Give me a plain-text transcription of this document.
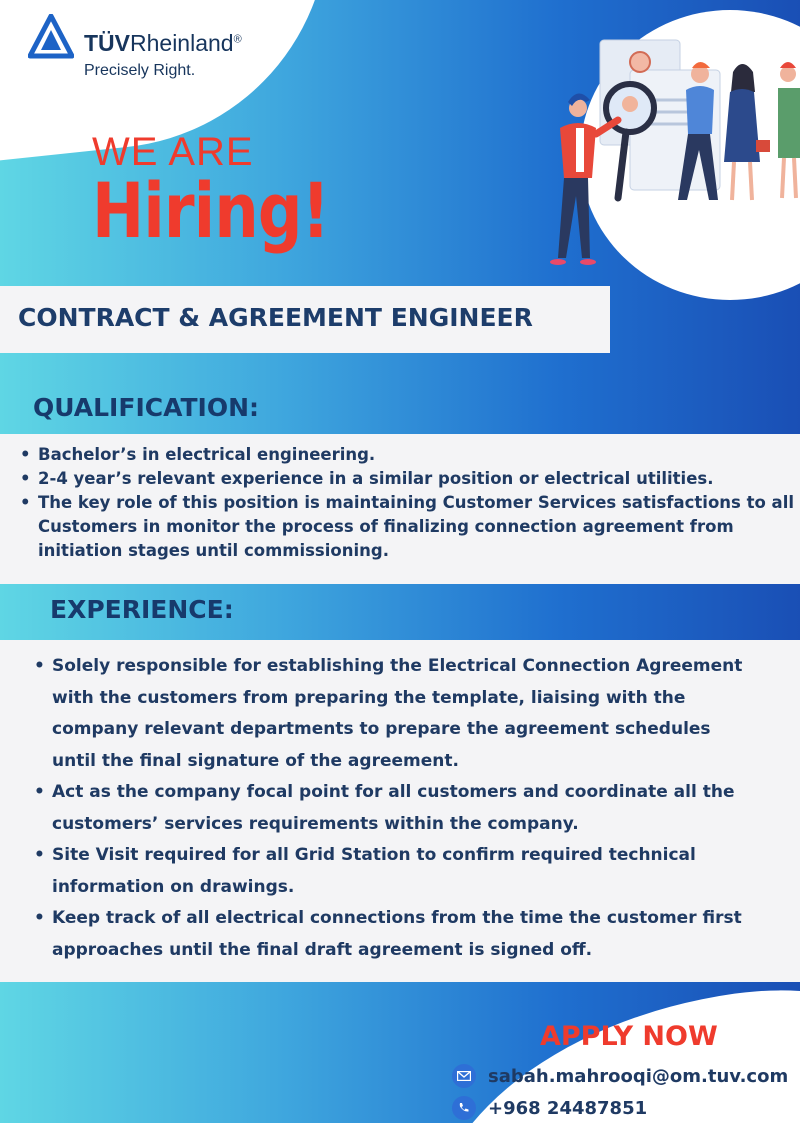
TÜVRheinland®
Precisely Right.
WE ARE
Hiring!
CONTRACT & AGREEMENT ENGINEER
QUALIFICATION:
• Bachelor’s in electrical engineering.
• 2-4 year’s relevant experience in a similar position or electrical utilities.
• The key role of this position is maintaining Customer Services satisfactions to all Customers in monitor the process of finalizing connection agreement from initiation stages until commissioning.
EXPERIENCE:
• Solely responsible for establishing the Electrical Connection Agreement with the customers from preparing the template, liaising with the company relevant departments to prepare the agreement schedules until the final signature of the agreement.
• Act as the company focal point for all customers and coordinate all the customers’ services requirements within the company.
• Site Visit required for all Grid Station to confirm required technical information on drawings.
• Keep track of all electrical connections from the time the customer first approaches until the final draft agreement is signed off.
APPLY NOW
sabah.mahrooqi@om.tuv.com
+968 24487851
